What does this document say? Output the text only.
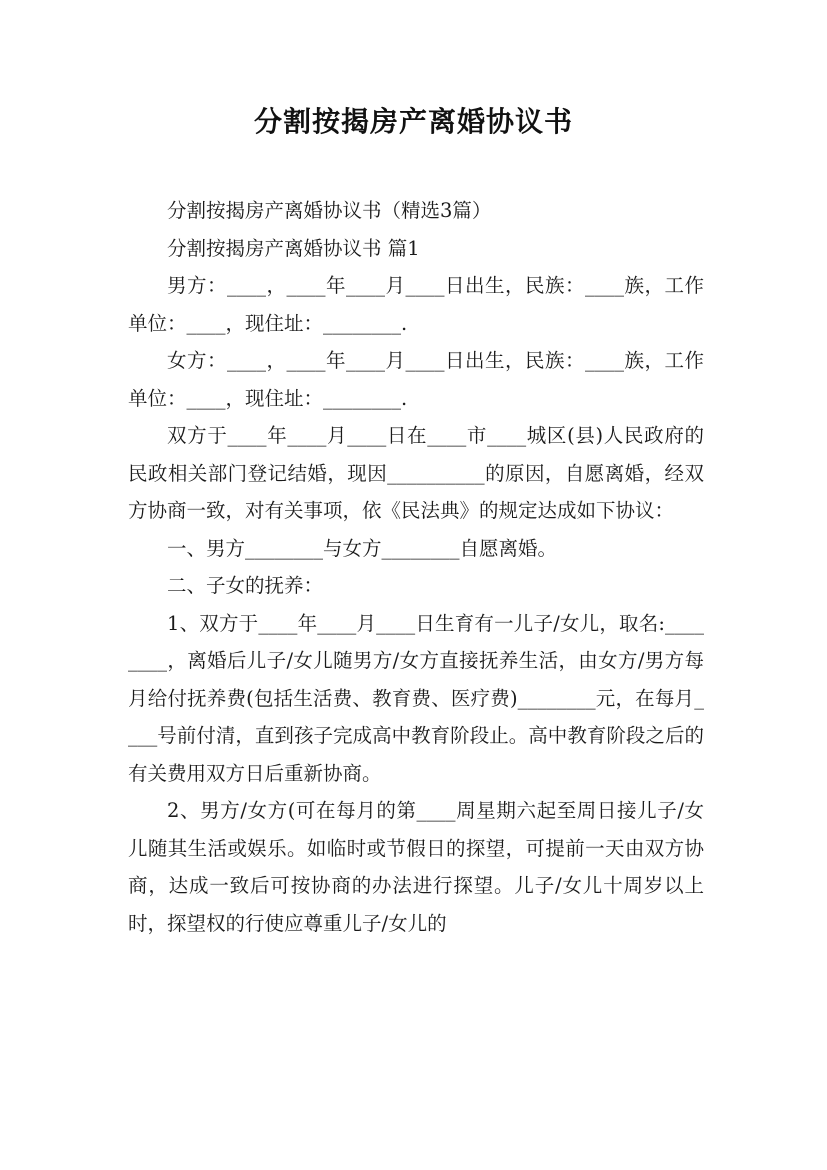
分割按揭房产离婚协议书

分割按揭房产离婚协议书（精选3篇）

分割按揭房产离婚协议书 篇1

男方：____，____年____月____日出生，民族：____族，工作单位：____，现住址：________.

女方：____，____年____月____日出生，民族：____族，工作单位：____，现住址：________.

双方于____年____月____日在____市____城区(县)人民政府的民政相关部门登记结婚，现因__________的原因，自愿离婚，经双方协商一致，对有关事项，依《民法典》的规定达成如下协议：

一、男方________与女方________自愿离婚。

二、子女的抚养：

1、双方于____年____月____日生育有一儿子/女儿，取名:________，离婚后儿子/女儿随男方/女方直接抚养生活，由女方/男方每月给付抚养费(包括生活费、教育费、医疗费)________元，在每月____号前付清，直到孩子完成高中教育阶段止。高中教育阶段之后的有关费用双方日后重新协商。

2、男方/女方(可在每月的第____周星期六起至周日接儿子/女儿随其生活或娱乐。如临时或节假日的探望，可提前一天由双方协商，达成一致后可按协商的办法进行探望。儿子/女儿十周岁以上时，探望权的行使应尊重儿子/女儿的
